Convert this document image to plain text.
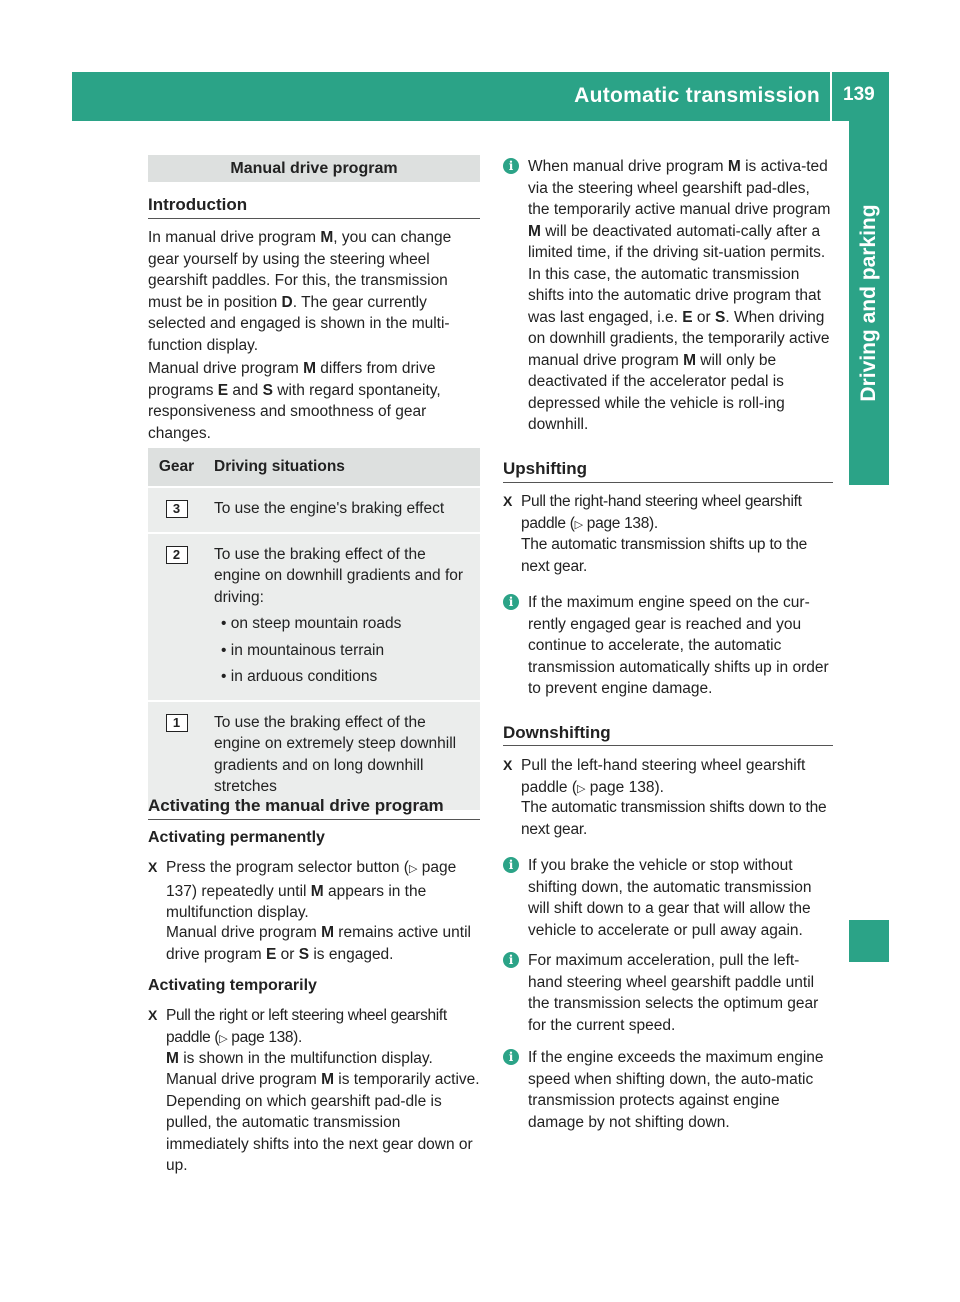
Automatic transmission 139
Driving and parking
Manual drive program
Introduction
In manual drive program M, you can change gear yourself by using the steering wheel gearshift paddles. For this, the transmission must be in position D. The gear currently selected and engaged is shown in the multi-function display.
Manual drive program M differs from drive programs E and S with regard spontaneity, responsiveness and smoothness of gear changes.
Gear	Driving situations
3	To use the engine's braking effect

2	To use the braking effect of the engine on downhill gradients and for driving:
• on steep mountain roads
• in mountainous terrain
• in arduous conditions

1	To use the braking effect of the engine on extremely steep downhill gradients and on long downhill stretches
Activating the manual drive program
Activating permanently
X Press the program selector button (▷ page 137) repeatedly until M appears in the multifunction display.
Manual drive program M remains active until drive program E or S is engaged.
Activating temporarily
X Pull the right or left steering wheel gearshift paddle (▷ page 138).
M is shown in the multifunction display.
Manual drive program M is temporarily active. Depending on which gearshift pad-dle is pulled, the automatic transmission immediately shifts into the next gear down or up.
i When manual drive program M is activa-ted via the steering wheel gearshift pad-dles, the temporarily active manual drive program M will be deactivated automati-cally after a limited time, if the driving sit-uation permits. In this case, the automatic transmission shifts into the automatic drive program that was last engaged, i.e. E or S. When driving on downhill gradients, the temporarily active manual drive program M will only be deactivated if the accelerator pedal is depressed while the vehicle is roll-ing downhill.
Upshifting
X Pull the right-hand steering wheel gearshift paddle (▷ page 138).
The automatic transmission shifts up to the next gear.
i If the maximum engine speed on the cur-rently engaged gear is reached and you continue to accelerate, the automatic transmission automatically shifts up in order to prevent engine damage.
Downshifting
X Pull the left-hand steering wheel gearshift paddle (▷ page 138).
The automatic transmission shifts down to the next gear.
i If you brake the vehicle or stop without shifting down, the automatic transmission will shift down to a gear that will allow the vehicle to accelerate or pull away again.
i For maximum acceleration, pull the left-hand steering wheel gearshift paddle until the transmission selects the optimum gear for the current speed.
i If the engine exceeds the maximum engine speed when shifting down, the auto-matic transmission protects against engine damage by not shifting down.
